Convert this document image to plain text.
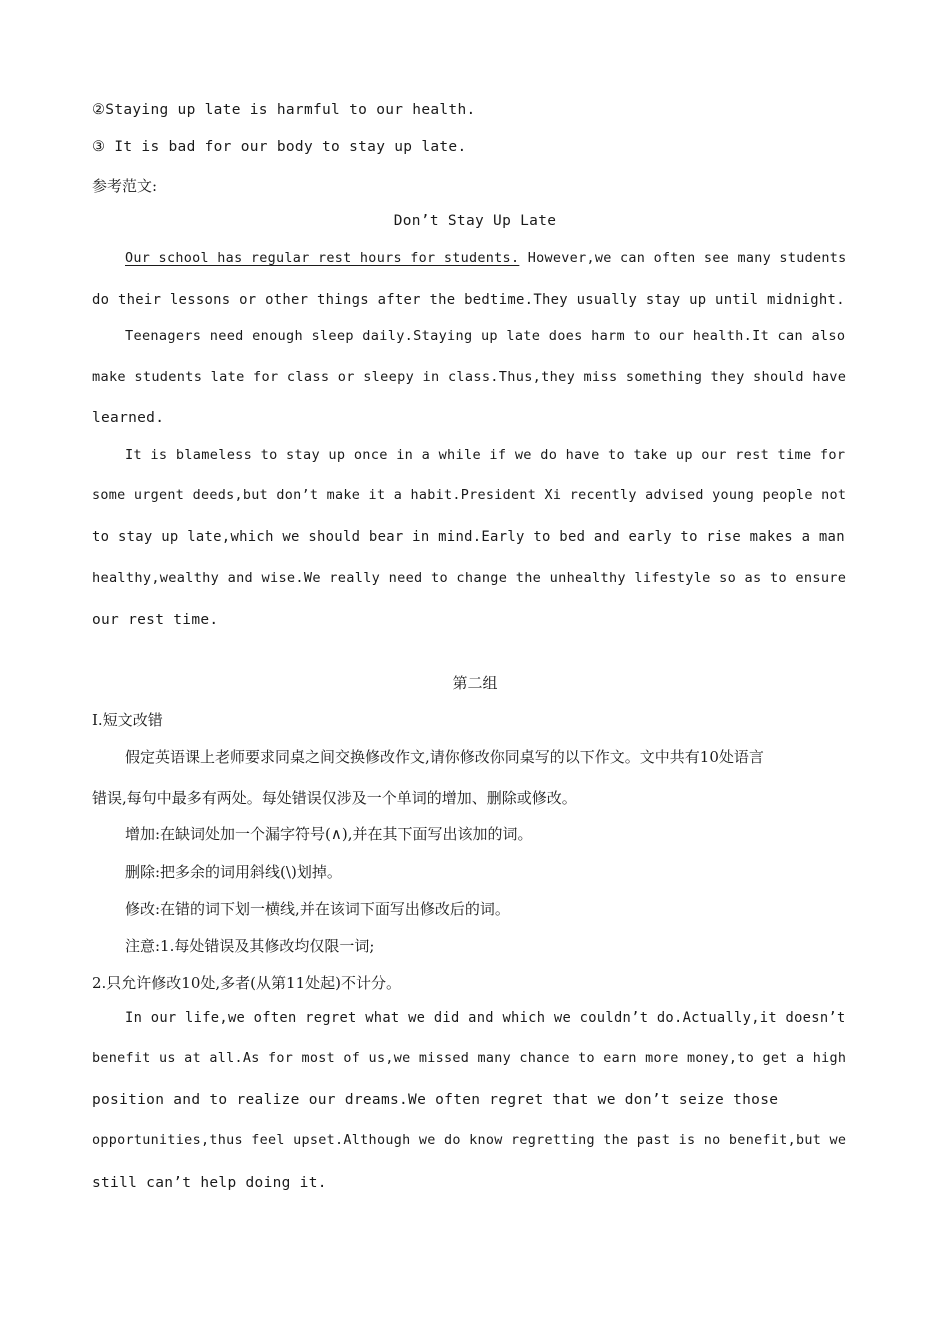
②Staying up late is harmful to our health.
③ It is bad for our body to stay up late.
参考范文:
Don’t Stay Up Late
Our school has regular rest hours for students. However,we can often see many students
do their lessons or other things after the bedtime.They usually stay up until midnight.
Teenagers need enough sleep daily.Staying up late does harm to our health.It can also
make students late for class or sleepy in class.Thus,they miss something they should have
learned.
It is blameless to stay up once in a while if we do have to take up our rest time for
some urgent deeds,but don’t make it a habit.President Xi recently advised young people not
to stay up late,which we should bear in mind.Early to bed and early to rise makes a man
healthy,wealthy and wise.We really need to change the unhealthy lifestyle so as to ensure
our rest time.
第二组
Ⅰ.短文改错
假定英语课上老师要求同桌之间交换修改作文,请你修改你同桌写的以下作文。文中共有10处语言
错误,每句中最多有两处。每处错误仅涉及一个单词的增加、删除或修改。
增加:在缺词处加一个漏字符号(∧),并在其下面写出该加的词。
删除:把多余的词用斜线(\)划掉。
修改:在错的词下划一横线,并在该词下面写出修改后的词。
注意:1.每处错误及其修改均仅限一词;
2.只允许修改10处,多者(从第11处起)不计分。
In our life,we often regret what we did and which we couldn’t do.Actually,it doesn’t
benefit us at all.As for most of us,we missed many chance to earn more money,to get a high
position and to realize our dreams.We often regret that we don’t seize those
opportunities,thus feel upset.Although we do know regretting the past is no benefit,but we
still can’t help doing it.
